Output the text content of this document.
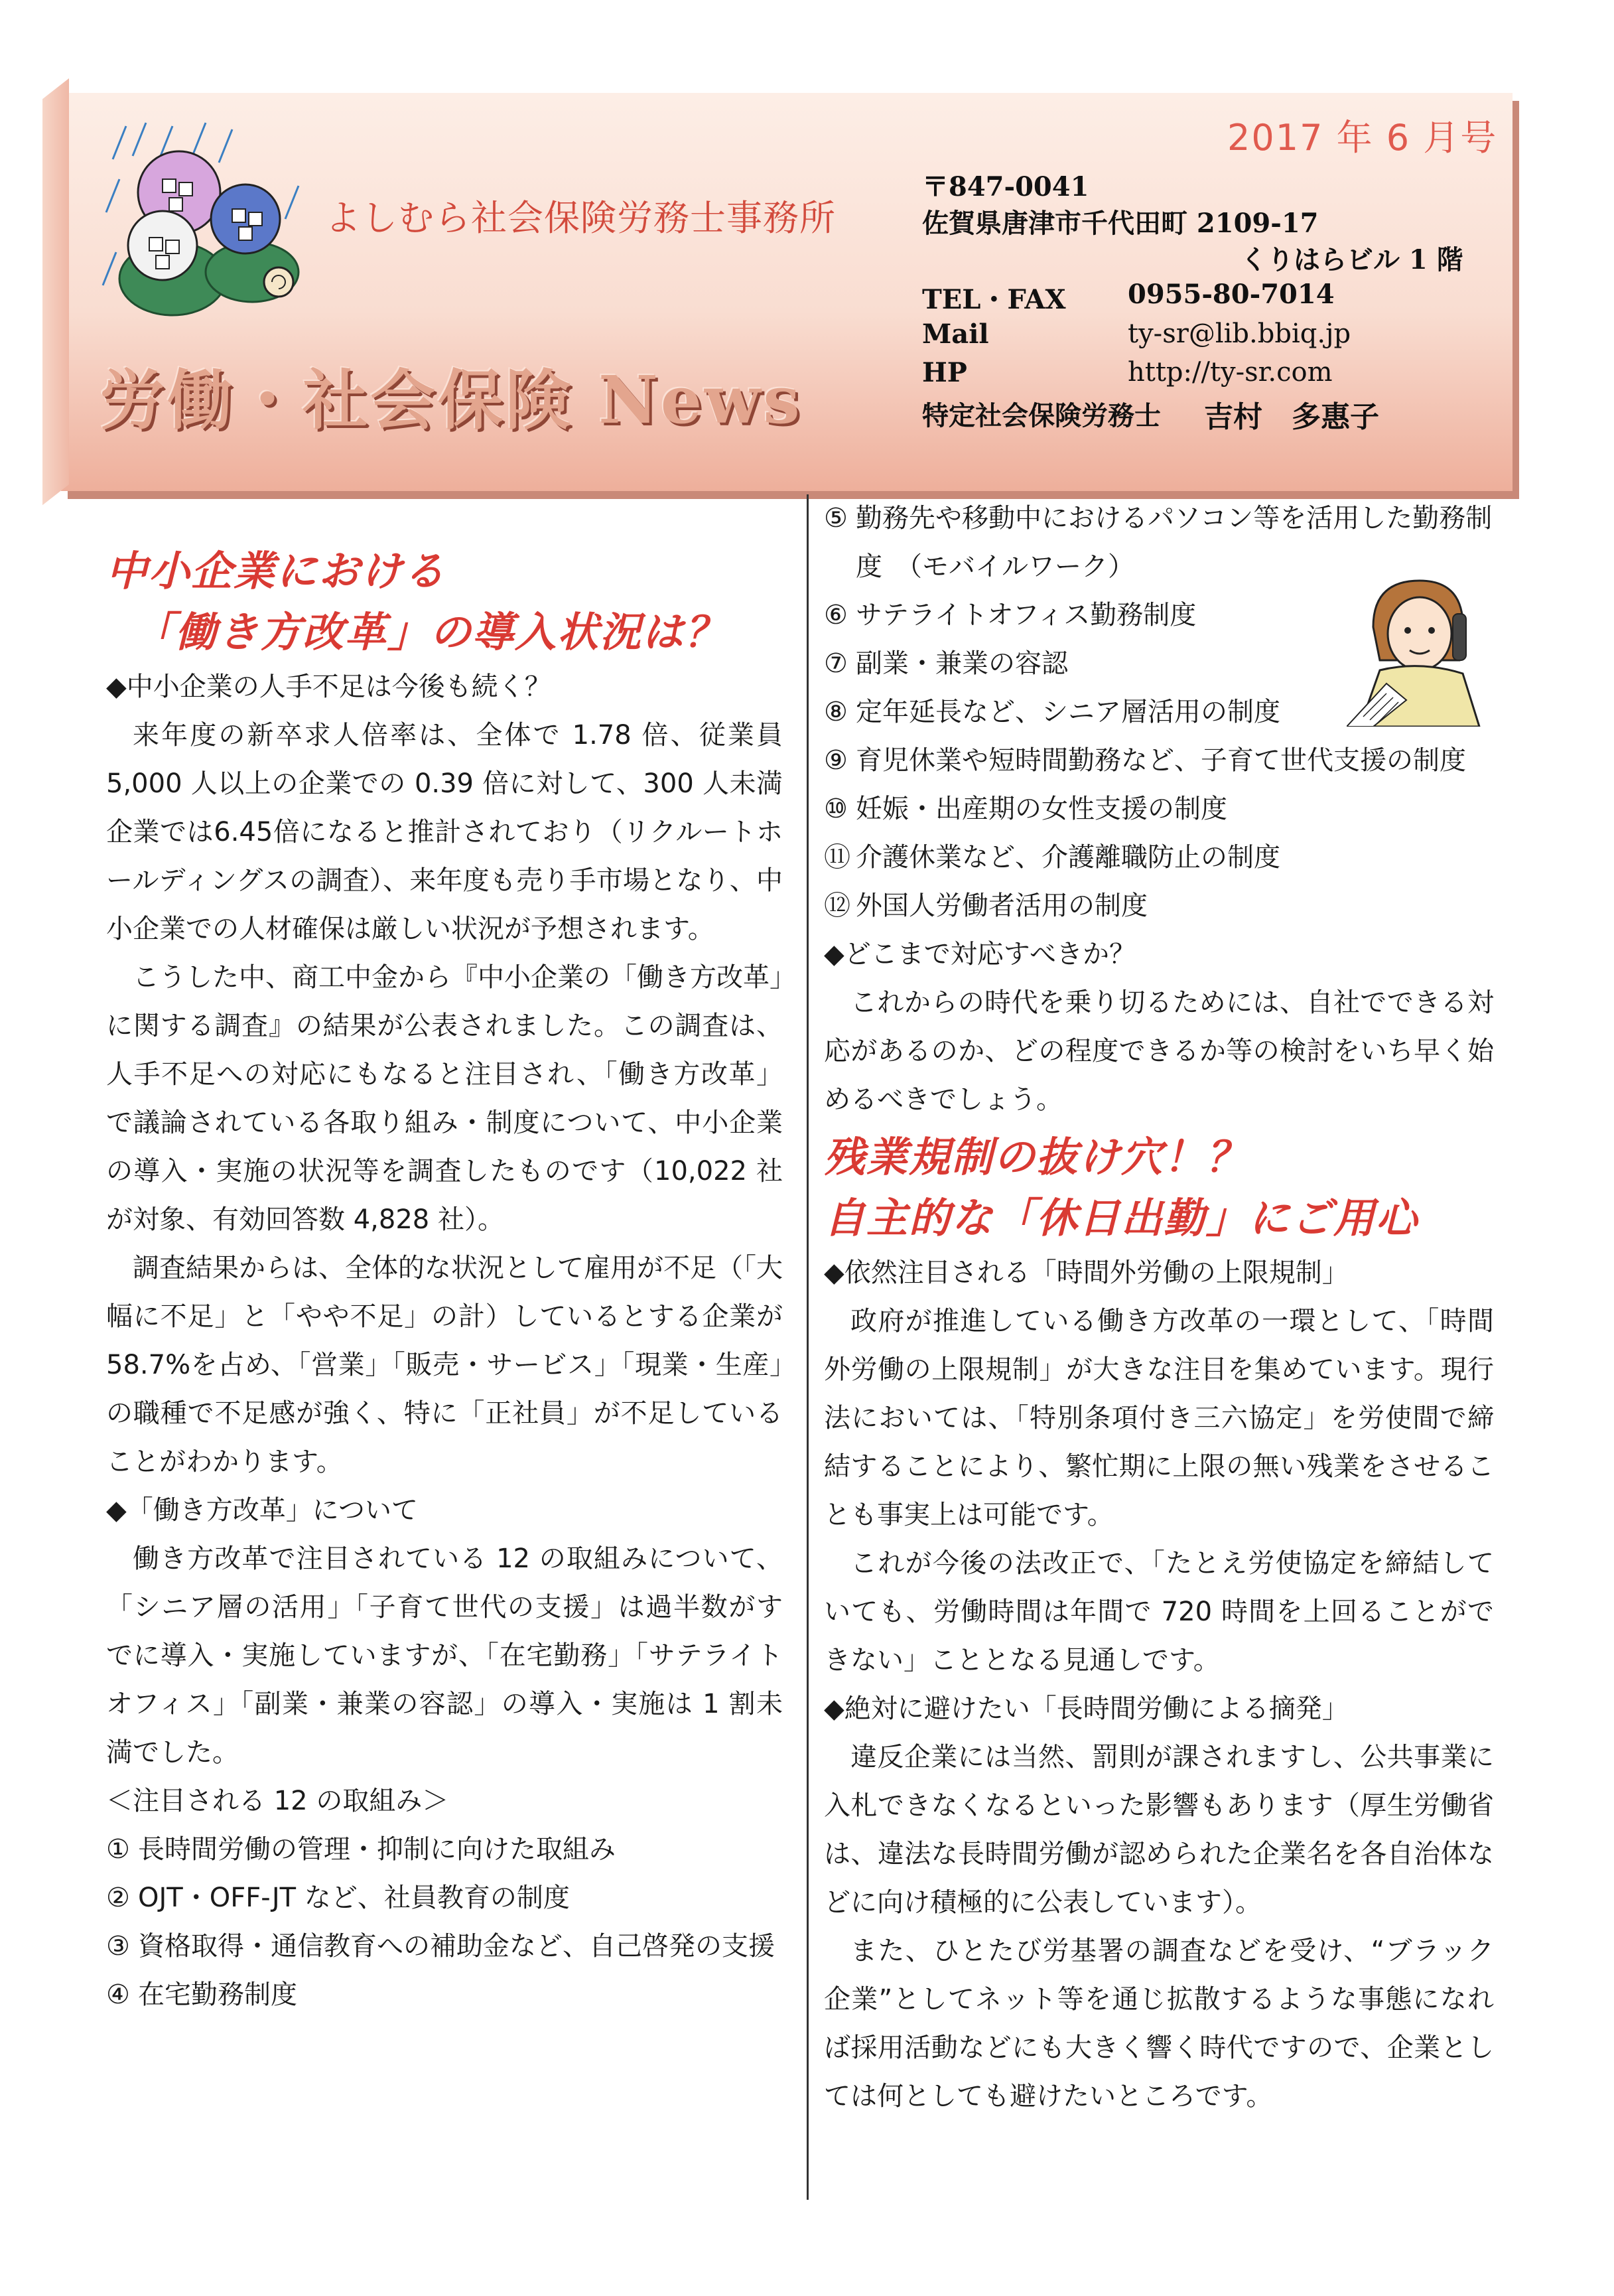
2017 年 6 月号
よしむら社会保険労務士事務所
労働・社会保険 News
〒847-0041
佐賀県唐津市千代田町 2109-17
くりはらビル 1 階
TEL・FAX 0955-80-7014
Mail	ty-sr@lib.bbiq.jp
HP	http://ty-sr.com
特定社会保険労務士 吉村　多惠子
中小企業における
「働き方改革」の導入状況は？
◆中小企業の人手不足は今後も続く？

来年度の新卒求人倍率は、全体で 1.78 倍、従業員 5,000 人以上の企業での 0.39 倍に対して、300 人未満企業では6.45倍になると推計されており（リクルートホールディングスの調査）、来年度も売り手市場となり、中小企業での人材確保は厳しい状況が予想されます。

こうした中、商工中金から『中小企業の「働き方改革」に関する調査』の結果が公表されました。この調査は、人手不足への対応にもなると注目され、「働き方改革」で議論されている各取り組み・制度について、中小企業の導入・実施の状況等を調査したものです（10,022 社が対象、有効回答数 4,828 社）。

調査結果からは、全体的な状況として雇用が不足（「大幅に不足」と「やや不足」の計）しているとする企業が 58.7%を占め、「営業」「販売・サービス」「現業・生産」の職種で不足感が強く、特に「正社員」が不足していることがわかります。

◆「働き方改革」について

働き方改革で注目されている 12 の取組みについて、「シニア層の活用」「子育て世代の支援」は過半数がすでに導入・実施していますが、「在宅勤務」「サテライトオフィス」「副業・兼業の容認」の導入・実施は 1 割未満でした。

＜注目される 12 の取組み＞
① 長時間労働の管理・抑制に向けた取組み
② OJT・OFF-JT など、社員教育の制度
③ 資格取得・通信教育への補助金など、自己啓発の支援
④ 在宅勤務制度
⑤ 勤務先や移動中におけるパソコン等を活用した勤務制度　（モバイルワーク）
⑥ サテライトオフィス勤務制度
⑦ 副業・兼業の容認
⑧ 定年延長など、シニア層活用の制度
⑨ 育児休業や短時間勤務など、子育て世代支援の制度
⑩ 妊娠・出産期の女性支援の制度
⑪ 介護休業など、介護離職防止の制度
⑫ 外国人労働者活用の制度
◆どこまで対応すべきか？

これからの時代を乗り切るためには、自社でできる対応があるのか、どの程度できるか等の検討をいち早く始めるべきでしょう。

残業規制の抜け穴！？
自主的な「休日出勤」にご用心
◆依然注目される「時間外労働の上限規制」

政府が推進している働き方改革の一環として、「時間外労働の上限規制」が大きな注目を集めています。現行法においては、「特別条項付き三六協定」を労使間で締結することにより、繁忙期に上限の無い残業をさせることも事実上は可能です。

これが今後の法改正で、「たとえ労使協定を締結していても、労働時間は年間で 720 時間を上回ることができない」こととなる見通しです。

◆絶対に避けたい「長時間労働による摘発」

違反企業には当然、罰則が課されますし、公共事業に入札できなくなるといった影響もあります（厚生労働省は、違法な長時間労働が認められた企業名を各自治体などに向け積極的に公表しています）。

また、ひとたび労基署の調査などを受け、“ブラック企業”としてネット等を通じ拡散するような事態になれば採用活動などにも大きく響く時代ですので、企業としては何としても避けたいところです。
